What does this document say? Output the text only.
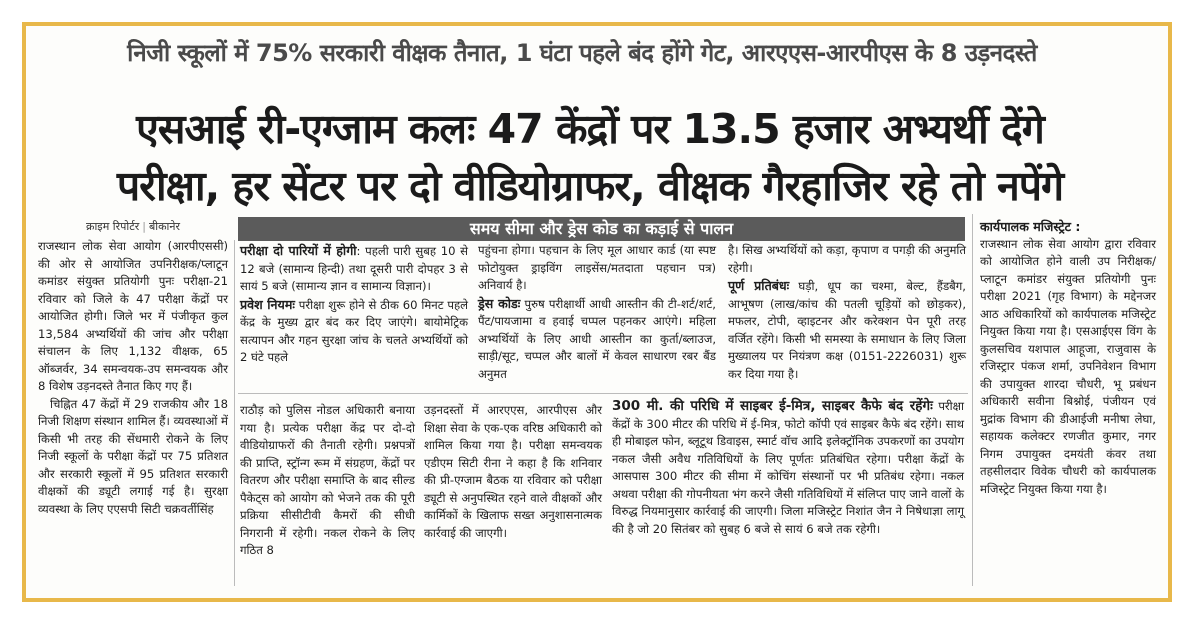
निजी स्कूलों में 75% सरकारी वीक्षक तैनात, 1 घंटा पहले बंद होंगे गेट, आरएएस-आरपीएस के 8 उड़नदस्ते
एसआई री-एग्जाम कलः 47 केंद्रों पर 13.5 हजार अभ्यर्थी देंगे
परीक्षा, हर सेंटर पर दो वीडियोग्राफर, वीक्षक गैरहाजिर रहे तो नपेंगे
क्राइम रिपोर्टर | बीकानेर	समय सीमा और ड्रेस कोड का कड़ाई से पालन

राजस्थान लोक सेवा आयोग (आरपीएससी) की ओर से आयोजित उपनिरीक्षक/प्लाटून कमांडर संयुक्त प्रतियोगी पुनः परीक्षा-21 रविवार को जिले के 47 परीक्षा केंद्रों पर आयोजित होगी। जिले भर में पंजीकृत कुल 13,584 अभ्यर्थियों की जांच और परीक्षा संचालन के लिए 1,132 वीक्षक, 65 ऑब्जर्वर, 34 समन्वयक-उप समन्वयक और 8 विशेष उड़नदस्ते तैनात किए गए हैं।

चिह्नित 47 केंद्रों में 29 राजकीय और 18 निजी शिक्षण संस्थान शामिल हैं। व्यवस्थाओं में किसी भी तरह की सेंधमारी रोकने के लिए निजी स्कूलों के परीक्षा केंद्रों पर 75 प्रतिशत और सरकारी स्कूलों में 95 प्रतिशत सरकारी वीक्षकों की ड्यूटी लगाई गई है। सुरक्षा व्यवस्था के लिए एएसपी सिटी चक्रवर्तीसिंह

परीक्षा दो पारियों में होगी: पहली पारी सुबह 10 से 12 बजे (सामान्य हिन्दी) तथा दूसरी पारी दोपहर 3 से सायं 5 बजे (सामान्य ज्ञान व सामान्य विज्ञान)।

प्रवेश नियमः परीक्षा शुरू होने से ठीक 60 मिनट पहले केंद्र के मुख्य द्वार बंद कर दिए जाएंगे। बायोमेट्रिक सत्यापन और गहन सुरक्षा जांच के चलते अभ्यर्थियों को 2 घंटे पहले

पहुंचना होगा। पहचान के लिए मूल आधार कार्ड (या स्पष्ट फोटोयुक्त ड्राइविंग लाइसेंस/मतदाता पहचान पत्र) अनिवार्य है।

ड्रेस कोडः पुरुष परीक्षार्थी आधी आस्तीन की टी-शर्ट/शर्ट, पैंट/पायजामा व हवाई चप्पल पहनकर आएंगे। महिला अभ्यर्थियों के लिए आधी आस्तीन का कुर्ता/ब्लाउज, साड़ी/सूट, चप्पल और बालों में केवल साधारण रबर बैंड अनुमत

है। सिख अभ्यर्थियों को कड़ा, कृपाण व पगड़ी की अनुमति रहेगी।

पूर्ण प्रतिबंधः घड़ी, धूप का चश्मा, बेल्ट, हैंडबैग, आभूषण (लाख/कांच की पतली चूड़ियों को छोड़कर), मफलर, टोपी, व्हाइटनर और करेक्शन पेन पूरी तरह वर्जित रहेंगे। किसी भी समस्या के समाधान के लिए जिला मुख्यालय पर नियंत्रण कक्ष (0151-2226031) शुरू कर दिया गया है।

कार्यपालक मजिस्ट्रेट :

राजस्थान लोक सेवा आयोग द्वारा रविवार को आयोजित होने वाली उप निरीक्षक/प्लाटून कमांडर संयुक्त प्रतियोगी पुनः परीक्षा 2021 (गृह विभाग) के मद्देनजर आठ अधिकारियों को कार्यपालक मजिस्ट्रेट नियुक्त किया गया है। एसआईएस विंग के कुलसचिव यशपाल आहूजा, राजुवास के रजिस्ट्रार पंकज शर्मा, उपनिवेशन विभाग की उपायुक्त शारदा चौधरी, भू प्रबंधन अधिकारी सवीना बिश्नोई, पंजीयन एवं मुद्रांक विभाग की डीआईजी मनीषा लेघा, सहायक कलेक्टर रणजीत कुमार, नगर निगम उपायुक्त दमयंती कंवर तथा तहसीलदार विवेक चौधरी को कार्यपालक मजिस्ट्रेट नियुक्त किया गया है।

राठौड़ को पुलिस नोडल अधिकारी बनाया गया है। प्रत्येक परीक्षा केंद्र पर दो-दो वीडियोग्राफरों की तैनाती रहेगी। प्रश्नपत्रों की प्राप्ति, स्ट्रॉन्ग रूम में संग्रहण, केंद्रों पर वितरण और परीक्षा समाप्ति के बाद सील्ड पैकेट्स को आयोग को भेजने तक की पूरी प्रक्रिया सीसीटीवी कैमरों की सीधी निगरानी में रहेगी। नकल रोकने के लिए गठित 8

उड़नदस्तों में आरएएस, आरपीएस और शिक्षा सेवा के एक-एक वरिष्ठ अधिकारी को शामिल किया गया है। परीक्षा समन्वयक एडीएम सिटी रीना ने कहा है कि शनिवार की प्री-एग्जाम बैठक या रविवार को परीक्षा ड्यूटी से अनुपस्थित रहने वाले वीक्षकों और कार्मिकों के खिलाफ सख्त अनुशासनात्मक कार्रवाई की जाएगी।

300 मी. की परिधि में साइबर ई-मित्र, साइबर कैफे बंद रहेंगेः परीक्षा केंद्रों के 300 मीटर की परिधि में ई-मित्र, फोटो कॉपी एवं साइबर कैफे बंद रहेंगे। साथ ही मोबाइल फोन, ब्लूटूथ डिवाइस, स्मार्ट वॉच आदि इलेक्ट्रॉनिक उपकरणों का उपयोग नकल जैसी अवैध गतिविधियों के लिए पूर्णतः प्रतिबंधित रहेगा। परीक्षा केंद्रों के आसपास 300 मीटर की सीमा में कोचिंग संस्थानों पर भी प्रतिबंध रहेगा। नकल अथवा परीक्षा की गोपनीयता भंग करने जैसी गतिविधियों में संलिप्त पाए जाने वालों के विरुद्ध नियमानुसार कार्रवाई की जाएगी। जिला मजिस्ट्रेट निशांत जैन ने निषेधाज्ञा लागू की है जो 20 सितंबर को सुबह 6 बजे से सायं 6 बजे तक रहेगी।
